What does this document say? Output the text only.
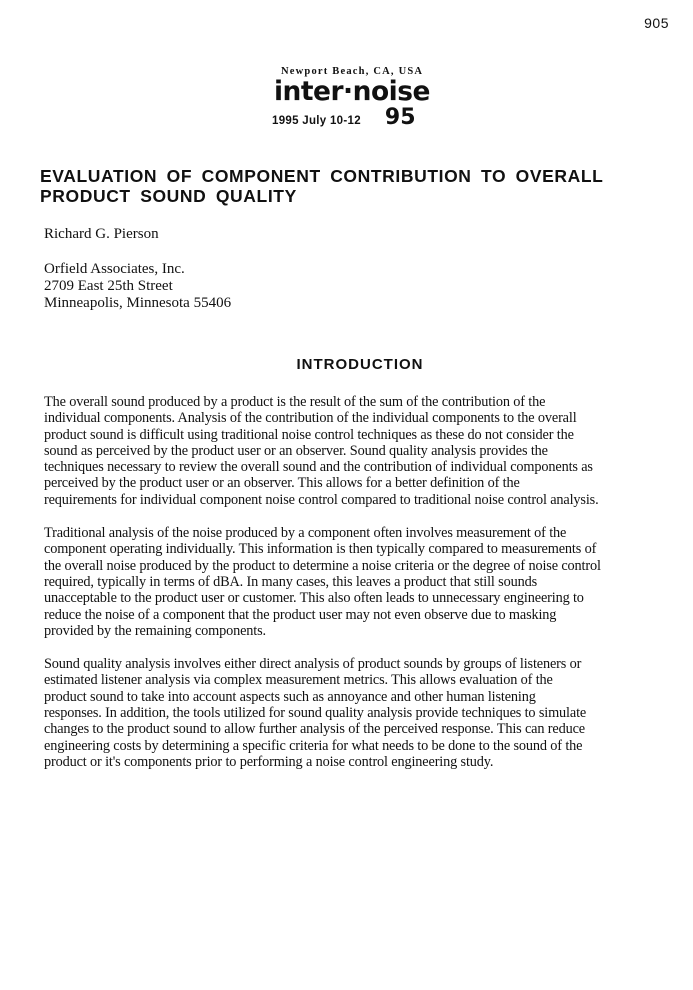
905
Newport Beach, CA, USA
inter·noise
1995 July 10-12 95
EVALUATION OF COMPONENT CONTRIBUTION TO OVERALL
PRODUCT SOUND QUALITY
Richard G. Pierson
Orfield Associates, Inc.
2709 East 25th Street
Minneapolis, Minnesota 55406
INTRODUCTION

The overall sound produced by a product is the result of the sum of the contribution of the
individual components. Analysis of the contribution of the individual components to the overall
product sound is difficult using traditional noise control techniques as these do not consider the
sound as perceived by the product user or an observer. Sound quality analysis provides the
techniques necessary to review the overall sound and the contribution of individual components as
perceived by the product user or an observer. This allows for a better definition of the
requirements for individual component noise control compared to traditional noise control analysis.

Traditional analysis of the noise produced by a component often involves measurement of the
component operating individually. This information is then typically compared to measurements of
the overall noise produced by the product to determine a noise criteria or the degree of noise control
required, typically in terms of dBA. In many cases, this leaves a product that still sounds
unacceptable to the product user or customer. This also often leads to unnecessary engineering to
reduce the noise of a component that the product user may not even observe due to masking
provided by the remaining components.

Sound quality analysis involves either direct analysis of product sounds by groups of listeners or
estimated listener analysis via complex measurement metrics. This allows evaluation of the
product sound to take into account aspects such as annoyance and other human listening
responses. In addition, the tools utilized for sound quality analysis provide techniques to simulate
changes to the product sound to allow further analysis of the perceived response. This can reduce
engineering costs by determining a specific criteria for what needs to be done to the sound of the
product or it's components prior to performing a noise control engineering study.
